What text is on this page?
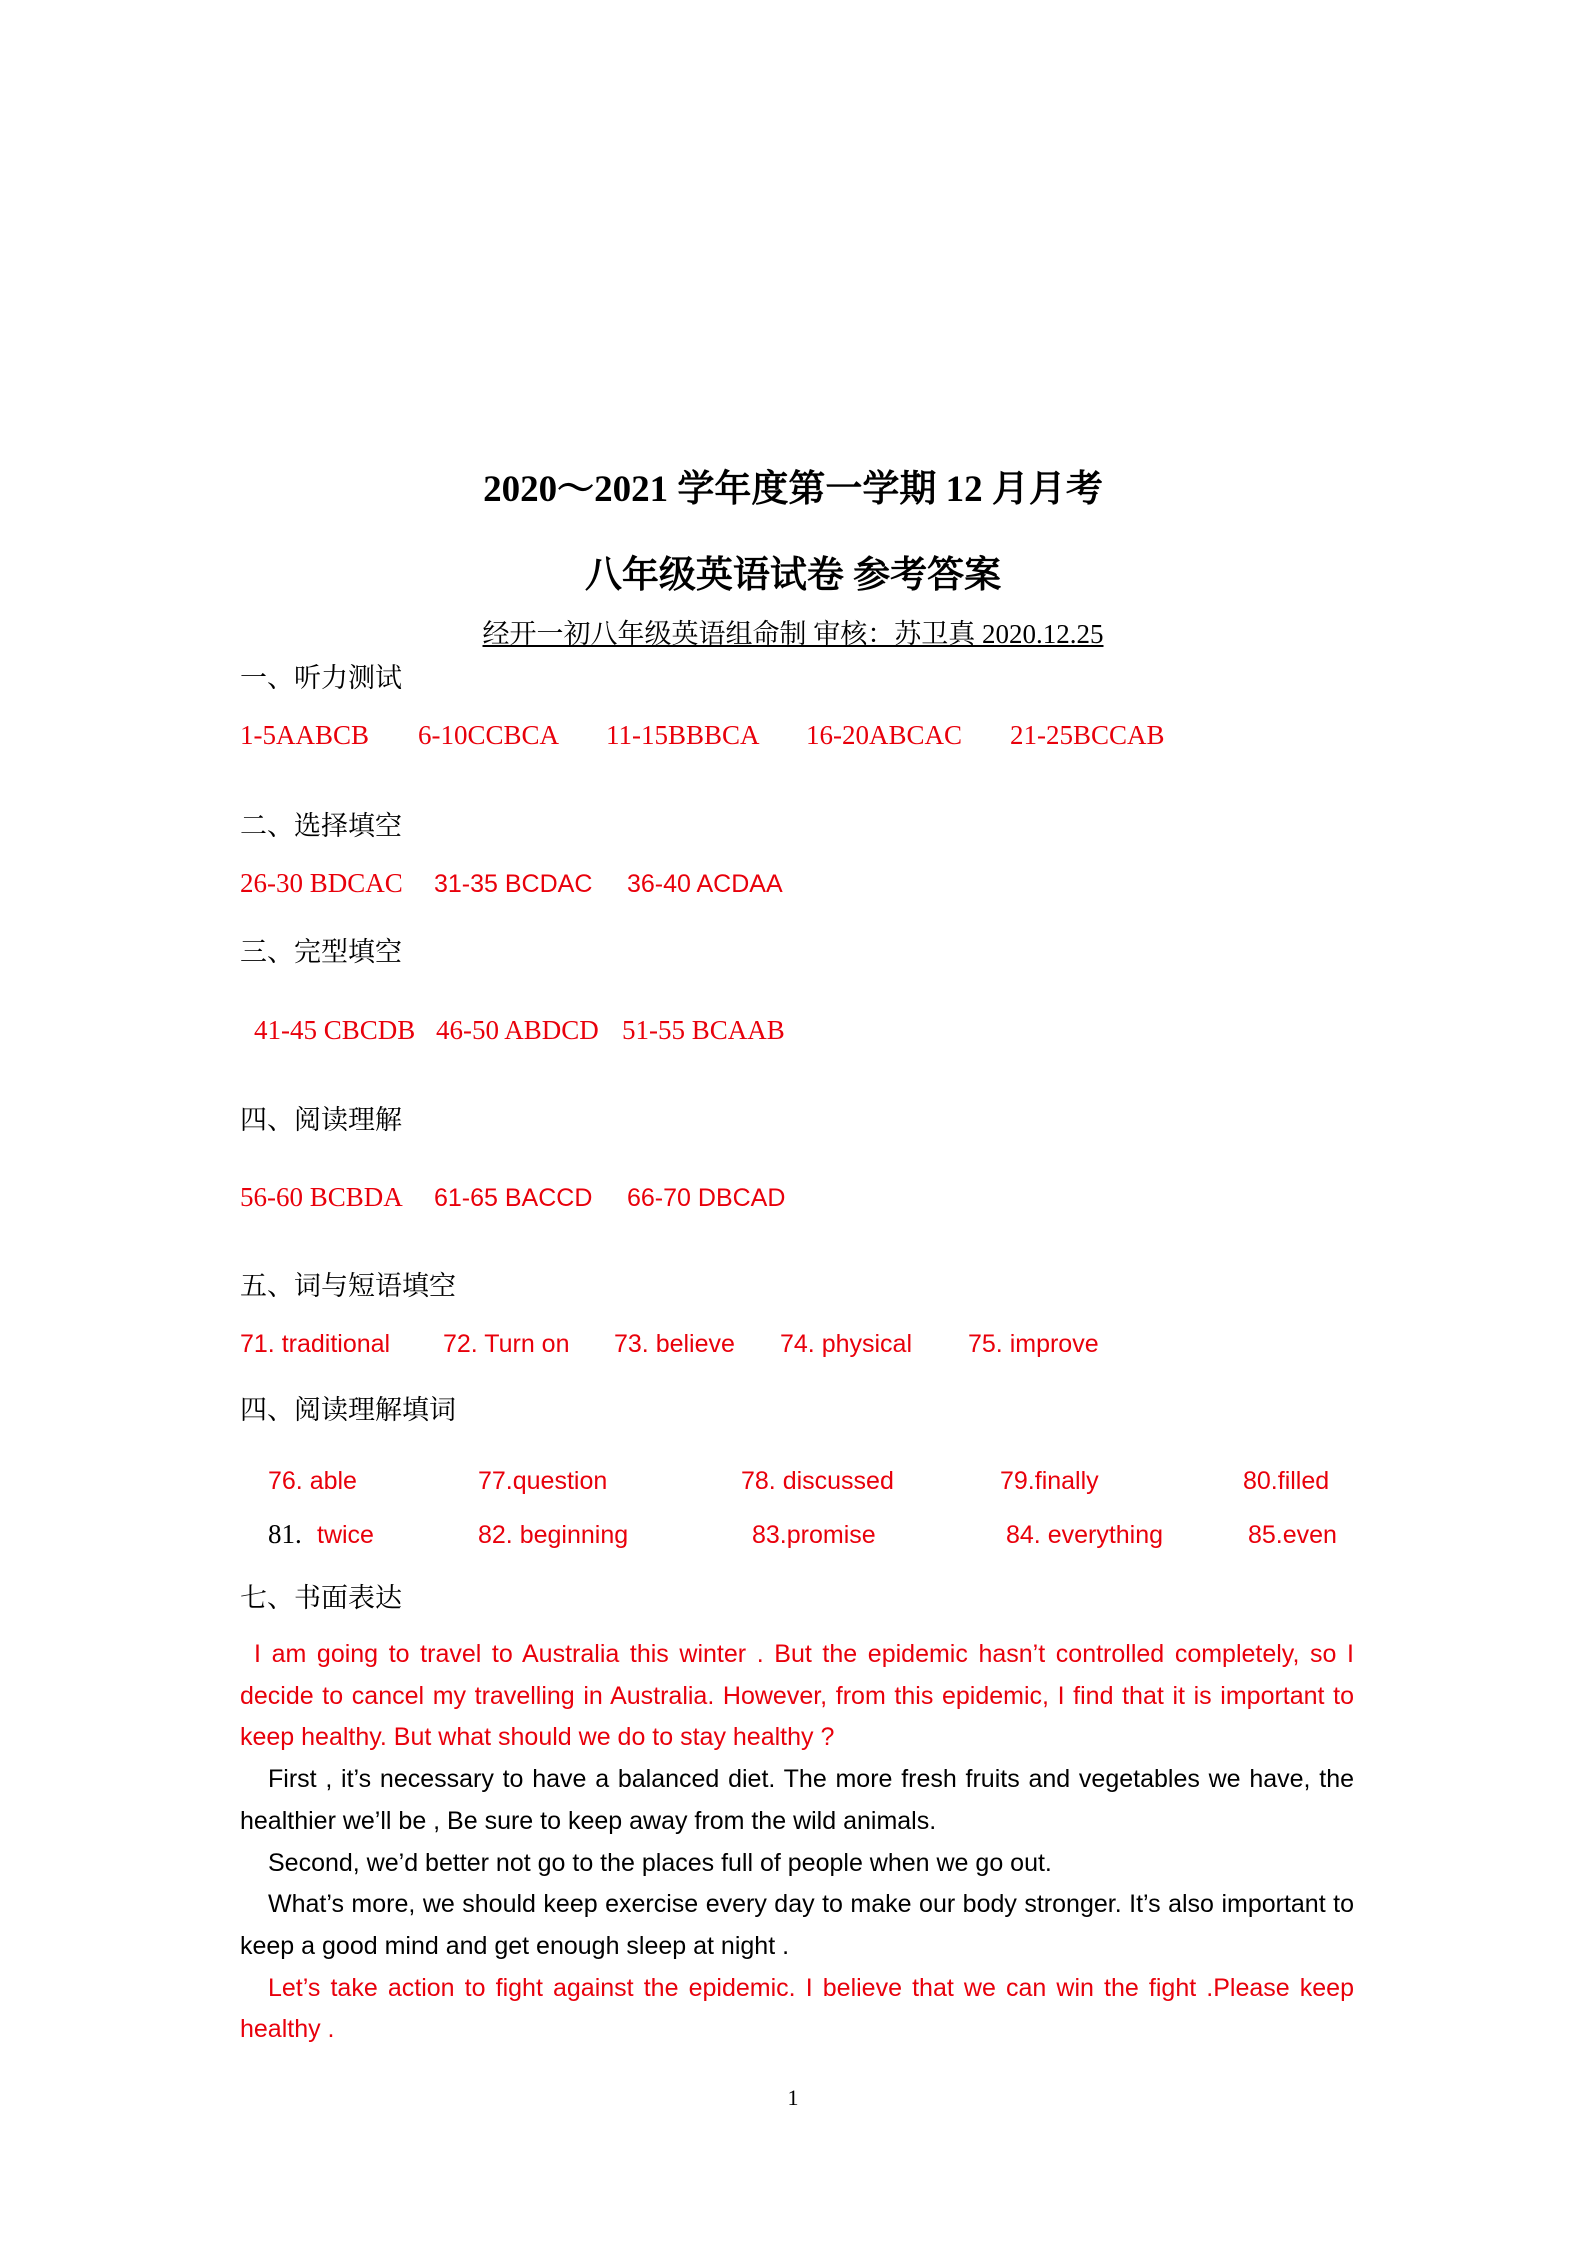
2020～2021 学年度第一学期 12 月月考
八年级英语试卷 参考答案
经开一初八年级英语组命制 审核：苏卫真 2020.12.25
一、听力测试
1-5AABCB 6-10CCBCA 11-15BBBCA 16-20ABCAC 21-25BCCAB
二、选择填空
26-30 BDCAC 31-35 BCDAC 36-40 ACDAA
三、完型填空
41-45 CBCDB 46-50 ABDCD 51-55 BCAAB
四、阅读理解
56-60 BCBDA 61-65 BACCD 66-70 DBCAD
五、词与短语填空
71. traditional 72. Turn on 73. believe 74. physical 75. improve
四、阅读理解填词
76. able	77.question	78. discussed	79.finally	80.filled
81. twice	82. beginning	83.promise	84. everything	85.even
七、书面表达

I am going to travel to Australia this winter . But the epidemic hasn’t controlled completely, so I decide to cancel my travelling in Australia. However, from this epidemic, I find that it is important to keep healthy. But what should we do to stay healthy ?

First , it’s necessary to have a balanced diet. The more fresh fruits and vegetables we have, the healthier we’ll be , Be sure to keep away from the wild animals.

Second, we’d better not go to the places full of people when we go out.

What’s more, we should keep exercise every day to make our body stronger. It’s also important to keep a good mind and get enough sleep at night .

Let’s take action to fight against the epidemic. I believe that we can win the fight .Please keep healthy .

1
